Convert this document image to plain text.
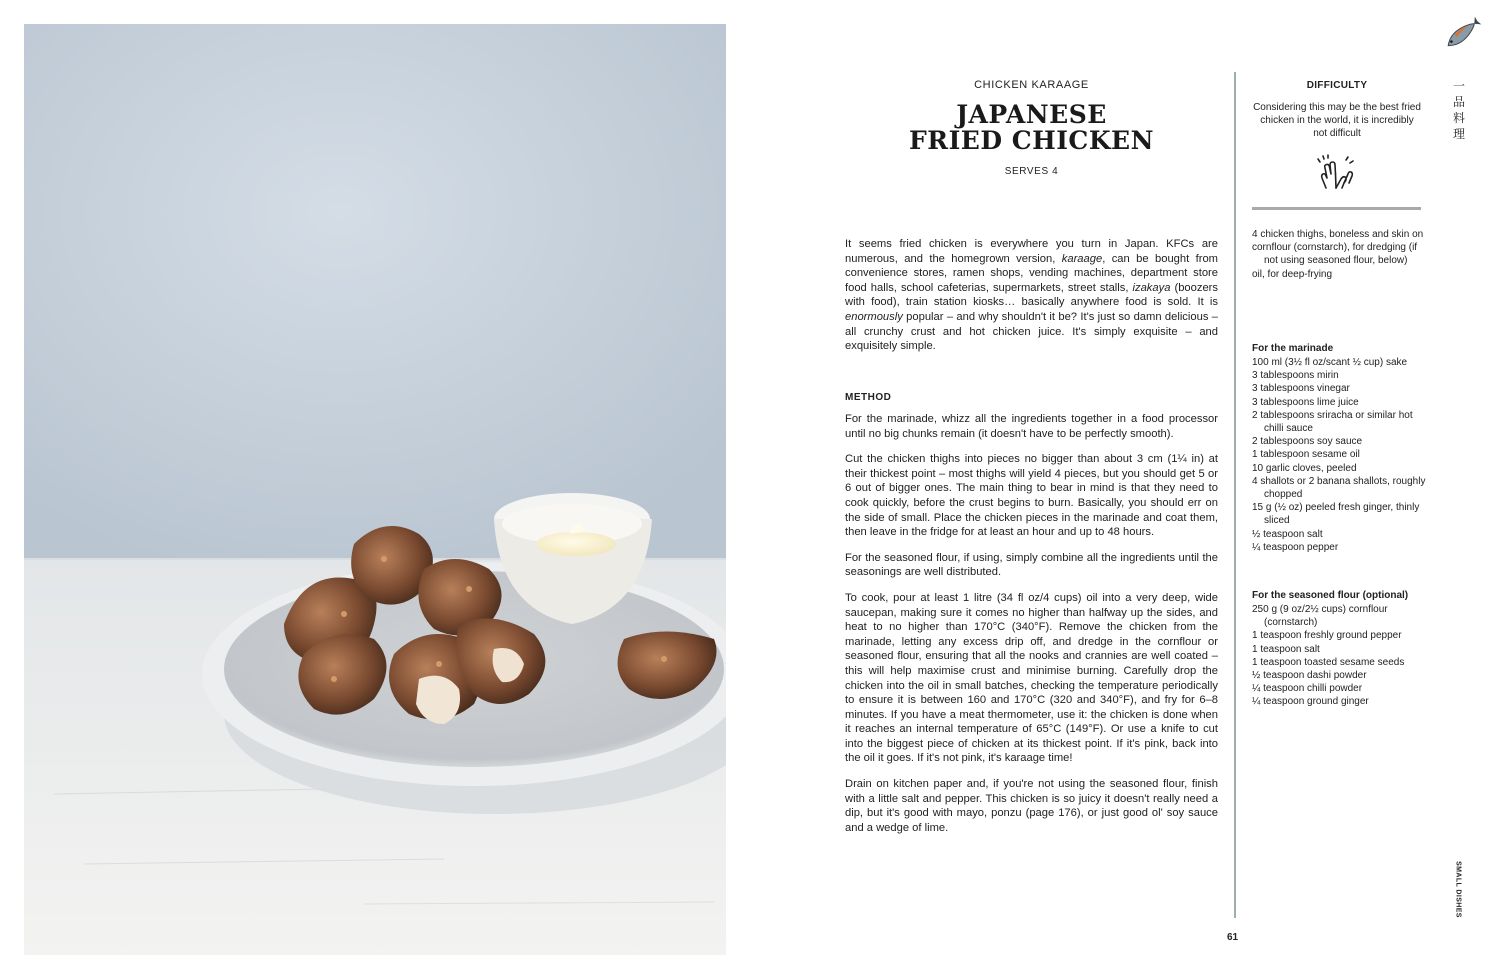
CHICKEN KARAAGE
JAPANESE
FRIED CHICKEN
SERVES 4

It seems fried chicken is everywhere you turn in Japan. KFCs are numerous, and the homegrown version, karaage, can be bought from convenience stores, ramen shops, vending machines, department store food halls, school cafeterias, supermarkets, street stalls, izakaya (boozers with food), train station kiosks… basically anywhere food is sold. It is enormously popular – and why shouldn't it be? It's just so damn delicious – all crunchy crust and hot chicken juice. It's simply exquisite – and exquisitely simple.

METHOD

For the marinade, whizz all the ingredients together in a food processor until no big chunks remain (it doesn't have to be perfectly smooth).

Cut the chicken thighs into pieces no bigger than about 3 cm (1¼ in) at their thickest point – most thighs will yield 4 pieces, but you should get 5 or 6 out of bigger ones. The main thing to bear in mind is that they need to cook quickly, before the crust begins to burn. Basically, you should err on the side of small. Place the chicken pieces in the marinade and coat them, then leave in the fridge for at least an hour and up to 48 hours.

For the seasoned flour, if using, simply combine all the ingredients until the seasonings are well distributed.

To cook, pour at least 1 litre (34 fl oz/4 cups) oil into a very deep, wide saucepan, making sure it comes no higher than halfway up the sides, and heat to no higher than 170°C (340°F). Remove the chicken from the marinade, letting any excess drip off, and dredge in the cornflour or seasoned flour, ensuring that all the nooks and crannies are well coated – this will help maximise crust and minimise burning. Carefully drop the chicken into the oil in small batches, checking the temperature periodically to ensure it is between 160 and 170°C (320 and 340°F), and fry for 6–8 minutes. If you have a meat thermometer, use it: the chicken is done when it reaches an internal temperature of 65°C (149°F). Or use a knife to cut into the biggest piece of chicken at its thickest point. If it's pink, back into the oil it goes. If it's not pink, it's karaage time!

Drain on kitchen paper and, if you're not using the seasoned flour, finish with a little salt and pepper. This chicken is so juicy it doesn't really need a dip, but it's good with mayo, ponzu (page 176), or just good ol' soy sauce and a wedge of lime.

DIFFICULTY
Considering this may be the best fried chicken in the world, it is incredibly not difficult
4 chicken thighs, boneless and skin on
cornflour (cornstarch), for dredging (if not using seasoned flour, below)
oil, for deep-frying
For the marinade
100 ml (3½ fl oz/scant ½ cup) sake
3 tablespoons mirin
3 tablespoons vinegar
3 tablespoons lime juice
2 tablespoons sriracha or similar hot chilli sauce
2 tablespoons soy sauce
1 tablespoon sesame oil
10 garlic cloves, peeled
4 shallots or 2 banana shallots, roughly chopped
15 g (½ oz) peeled fresh ginger, thinly sliced
½ teaspoon salt
¼ teaspoon pepper
For the seasoned flour (optional)
250 g (9 oz/2½ cups) cornflour (cornstarch)
1 teaspoon freshly ground pepper
1 teaspoon salt
1 teaspoon toasted sesame seeds
½ teaspoon dashi powder
¼ teaspoon chilli powder
¼ teaspoon ground ginger
一品料理
SMALL DISHES
61
